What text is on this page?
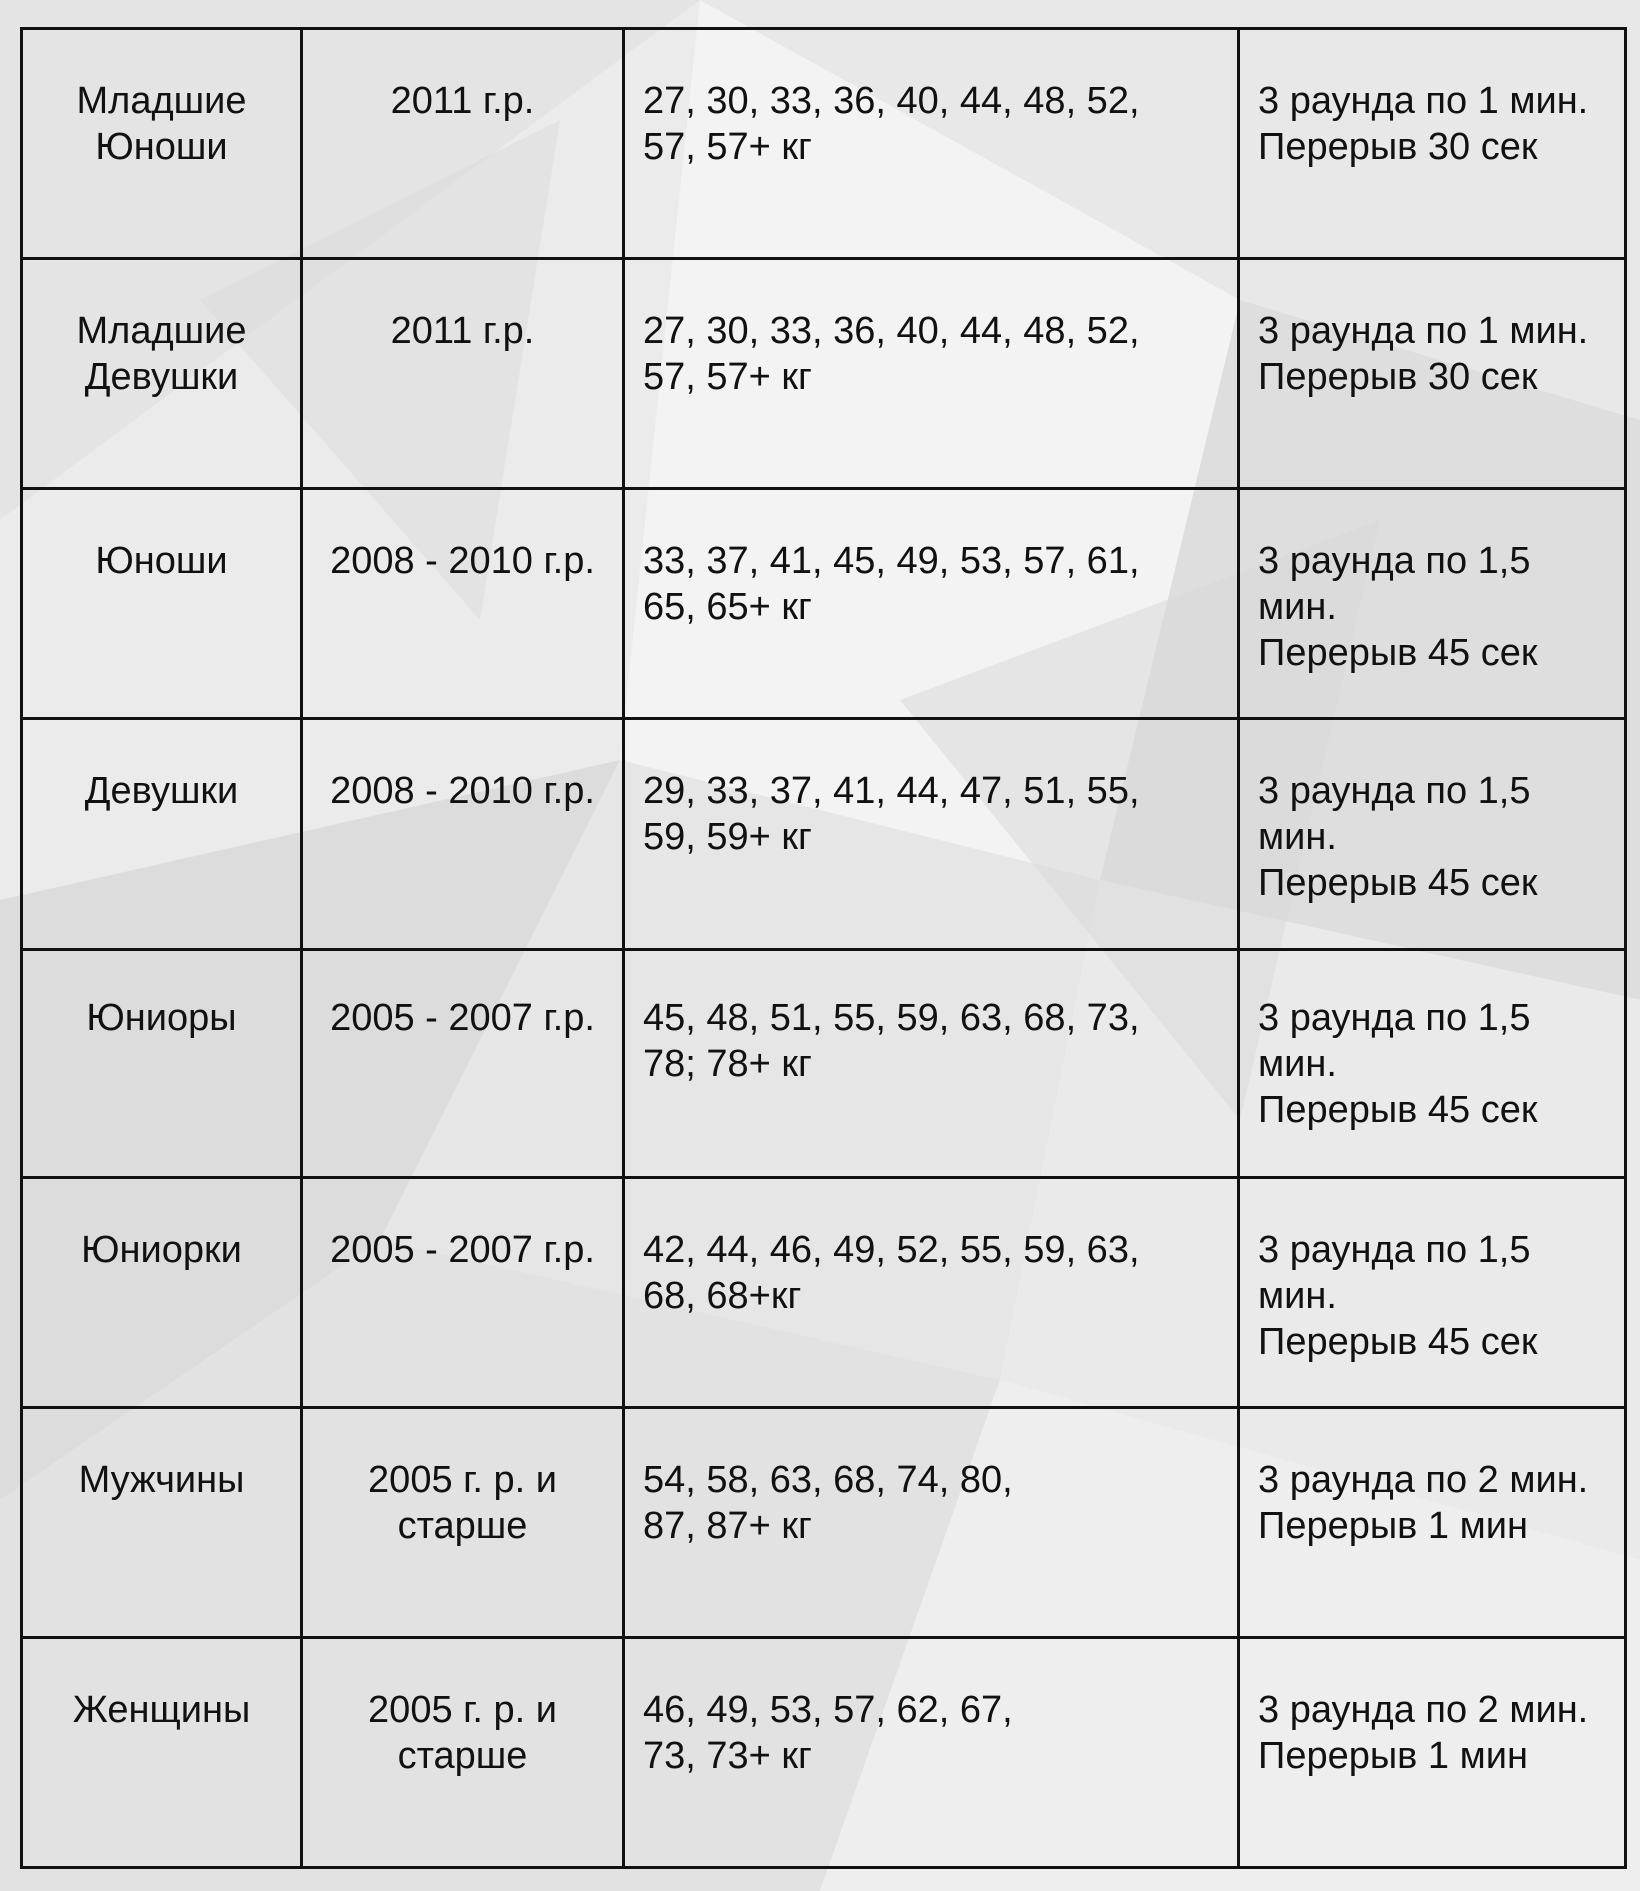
Младшие
Юноши	2011 г.р.	27, 30, 33, 36, 40, 44, 48, 52,
57, 57+ кг	3 раунда по 1 мин.
Перерыв 30 сек

Младшие
Девушки	2011 г.р.	27, 30, 33, 36, 40, 44, 48, 52,
57, 57+ кг	3 раунда по 1 мин.
Перерыв 30 сек

Юноши	2008 - 2010 г.р.	33, 37, 41, 45, 49, 53, 57, 61,
65, 65+ кг	3 раунда по 1,5
мин.
Перерыв 45 сек

Девушки	2008 - 2010 г.р.	29, 33, 37, 41, 44, 47, 51, 55,
59, 59+ кг	3 раунда по 1,5
мин.
Перерыв 45 сек

Юниоры	2005 - 2007 г.р.	45, 48, 51, 55, 59, 63, 68, 73,
78; 78+ кг	3 раунда по 1,5
мин.
Перерыв 45 сек

Юниорки	2005 - 2007 г.р.	42, 44, 46, 49, 52, 55, 59, 63,
68, 68+кг	3 раунда по 1,5
мин.
Перерыв 45 сек

Мужчины	2005 г. р. и
старше	54, 58, 63, 68, 74, 80,
87, 87+ кг	3 раунда по 2 мин.
Перерыв 1 мин

Женщины	2005 г. р. и
старше	46, 49, 53, 57, 62, 67,
73, 73+ кг	3 раунда по 2 мин.
Перерыв 1 мин
